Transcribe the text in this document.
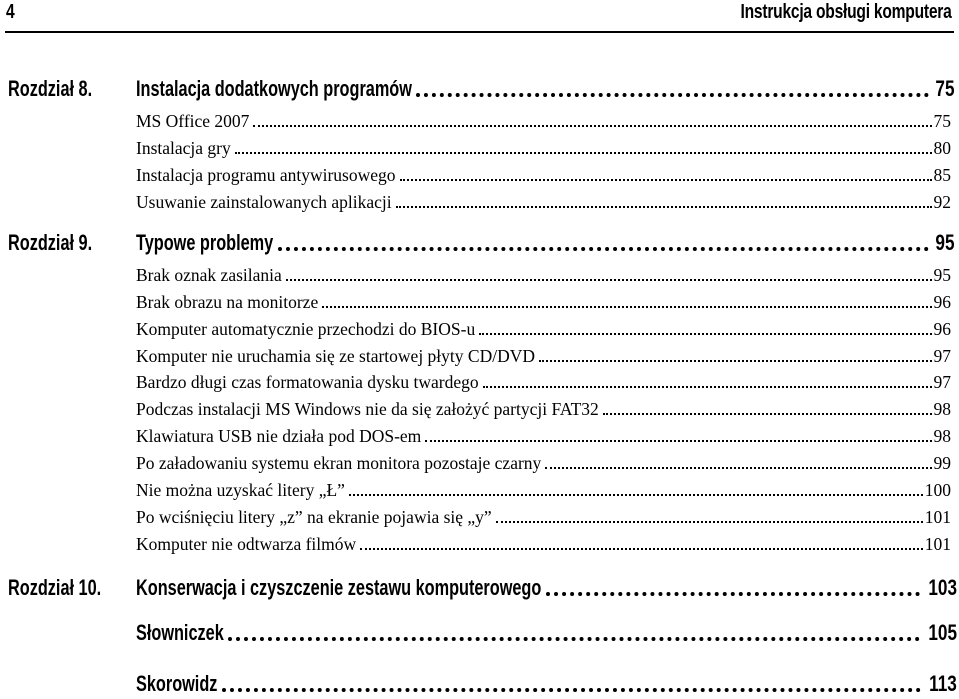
4	Instrukcja obsługi komputera
Rozdział 8. Instalacja dodatkowych programów	75
MS Office 2007	75
Instalacja gry	80
Instalacja programu antywirusowego	85
Usuwanie zainstalowanych aplikacji	92
Rozdział 9. Typowe problemy	95
Brak oznak zasilania	95
Brak obrazu na monitorze	96
Komputer automatycznie przechodzi do BIOS-u	96
Komputer nie uruchamia się ze startowej płyty CD/DVD	97
Bardzo długi czas formatowania dysku twardego	97
Podczas instalacji MS Windows nie da się założyć partycji FAT32	98
Klawiatura USB nie działa pod DOS-em	98
Po załadowaniu systemu ekran monitora pozostaje czarny	99
Nie można uzyskać litery „Ł”	100
Po wciśnięciu litery „z” na ekranie pojawia się „y”	101
Komputer nie odtwarza filmów	101
Rozdział 10. Konserwacja i czyszczenie zestawu komputerowego	103
Słowniczek	105
Skorowidz	113
